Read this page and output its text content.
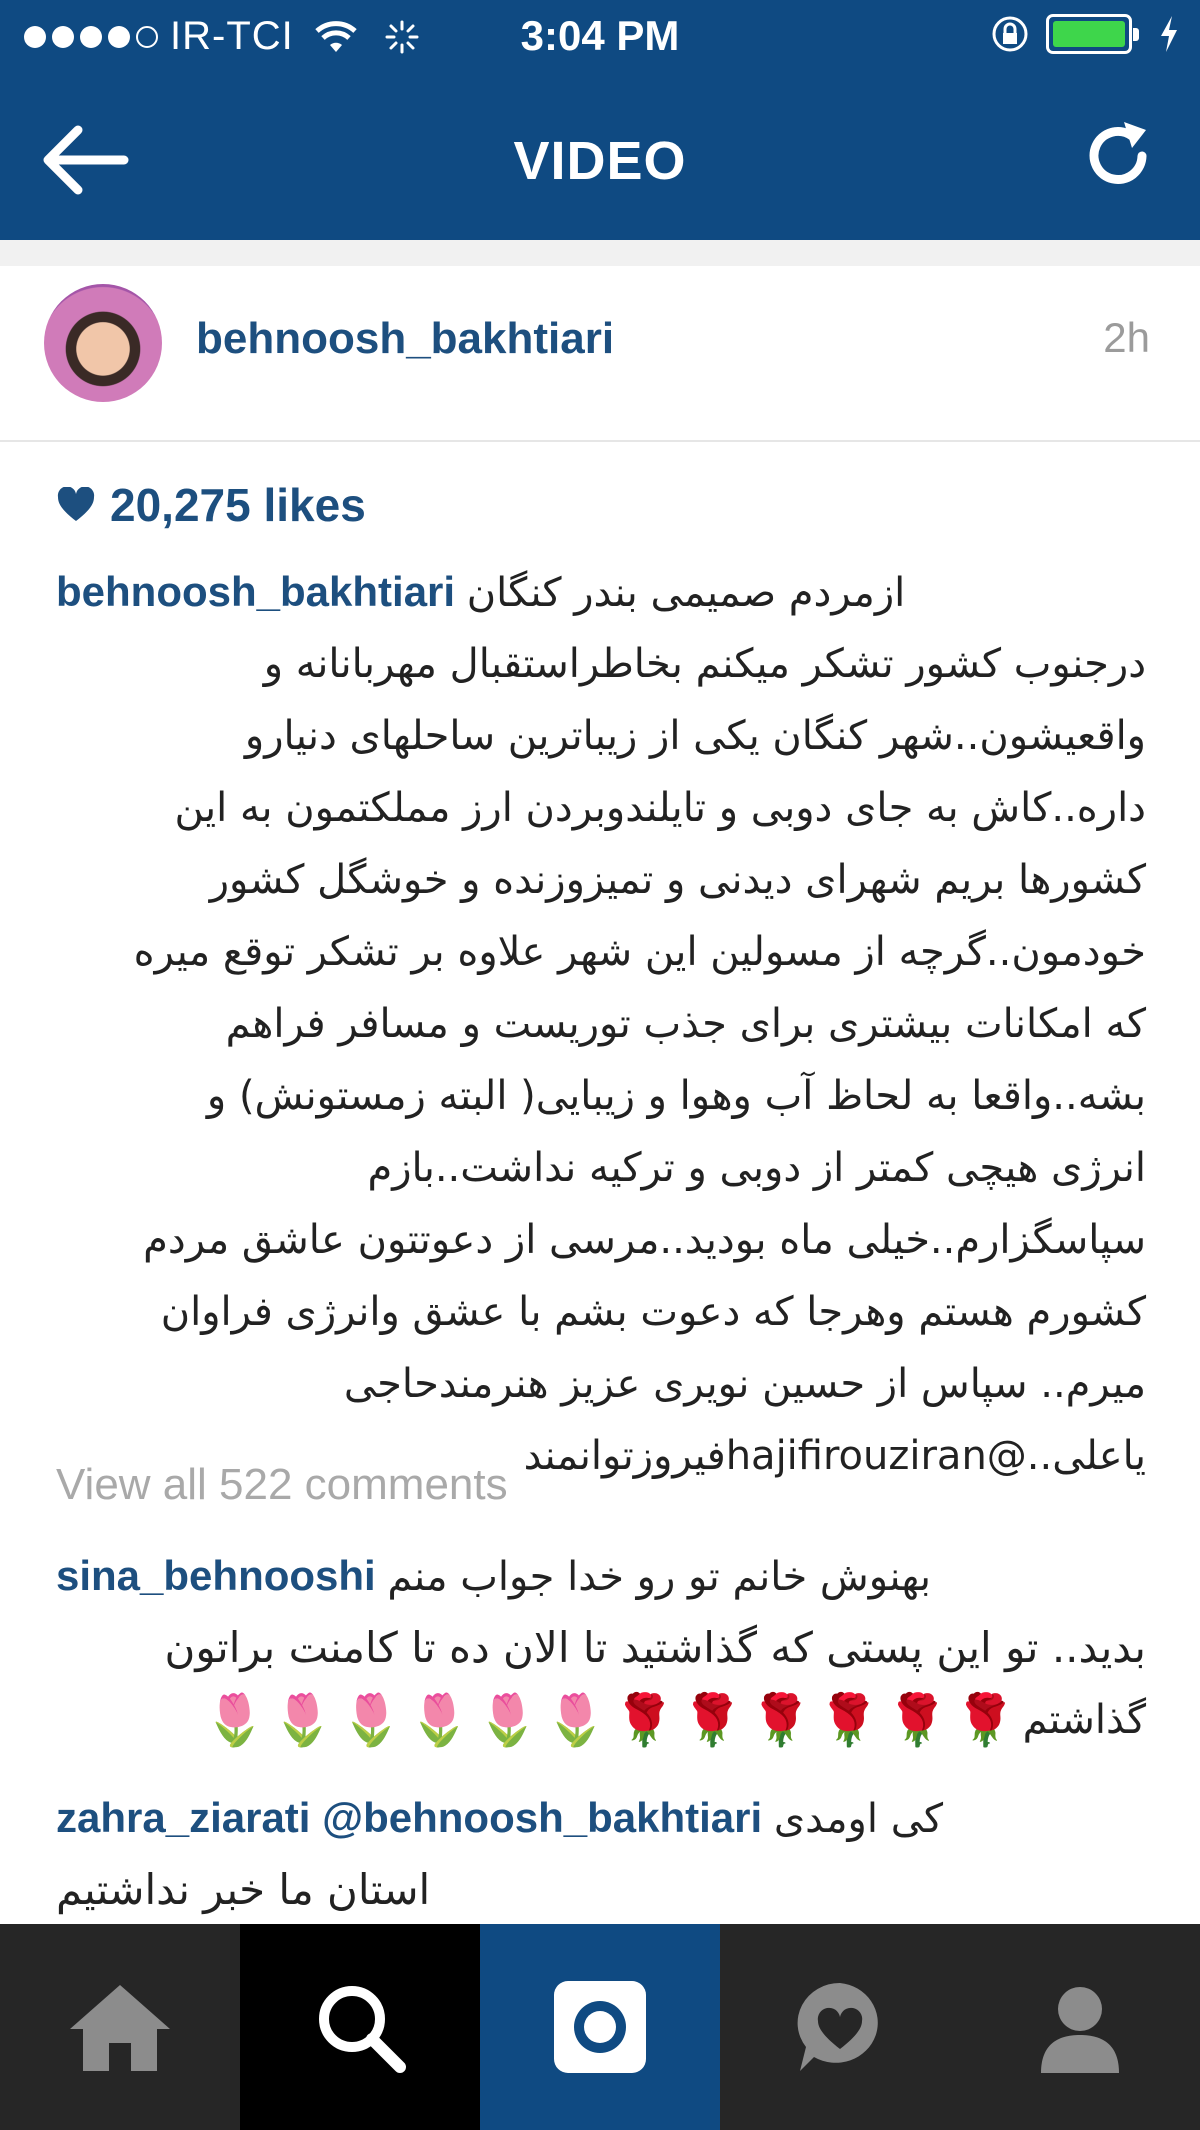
IR-TCI	3:04 PM
VIDEO
behnoosh_bakhtiari	2h
20,275 likes
behnoosh_bakhtiari ازمردم صمیمی بندر کنگان
درجنوب کشور تشکر میکنم بخاطراستقبال مهربانانه و
واقعیشون..شهر کنگان یکی از زیباترین ساحلهای دنیارو
داره..کاش به جای دوبی و تایلندوبردن ارز مملکتمون به این
کشورها بریم شهرای دیدنی و تمیزوزنده و خوشگل کشور
خودمون..گرچه از مسولین این شهر علاوه بر تشکر توقع میره
که امکانات بیشتری برای جذب توریست و مسافر فراهم
بشه..واقعا به لحاظ آب وهوا و زیبایی( البته زمستونش) و
انرژی هیچی کمتر از دوبی و ترکیه نداشت..بازم
سپاسگزارم..خیلی ماه بودید..مرسی از دعوتتون عاشق مردم
کشورم هستم وهرجا که دعوت بشم با عشق وانرژی فراوان
میرم.. سپاس از حسین نویری عزیز هنرمندحاجی
یاعلی..@hajifirouziranفیروزتوانمند
View all 522 comments
sina_behnooshi بهنوش خانم تو رو خدا جواب منم
بدید.. تو این پستی که گذاشتید تا الان ده تا کامنت براتون
گذاشتم
🌹
🌹
🌹
🌹
🌹
🌹
🌷
🌷
🌷
🌷
🌷
🌷
zahra_ziarati @behnoosh_bakhtiari کی اومدی
استان ما خبر نداشتیم
